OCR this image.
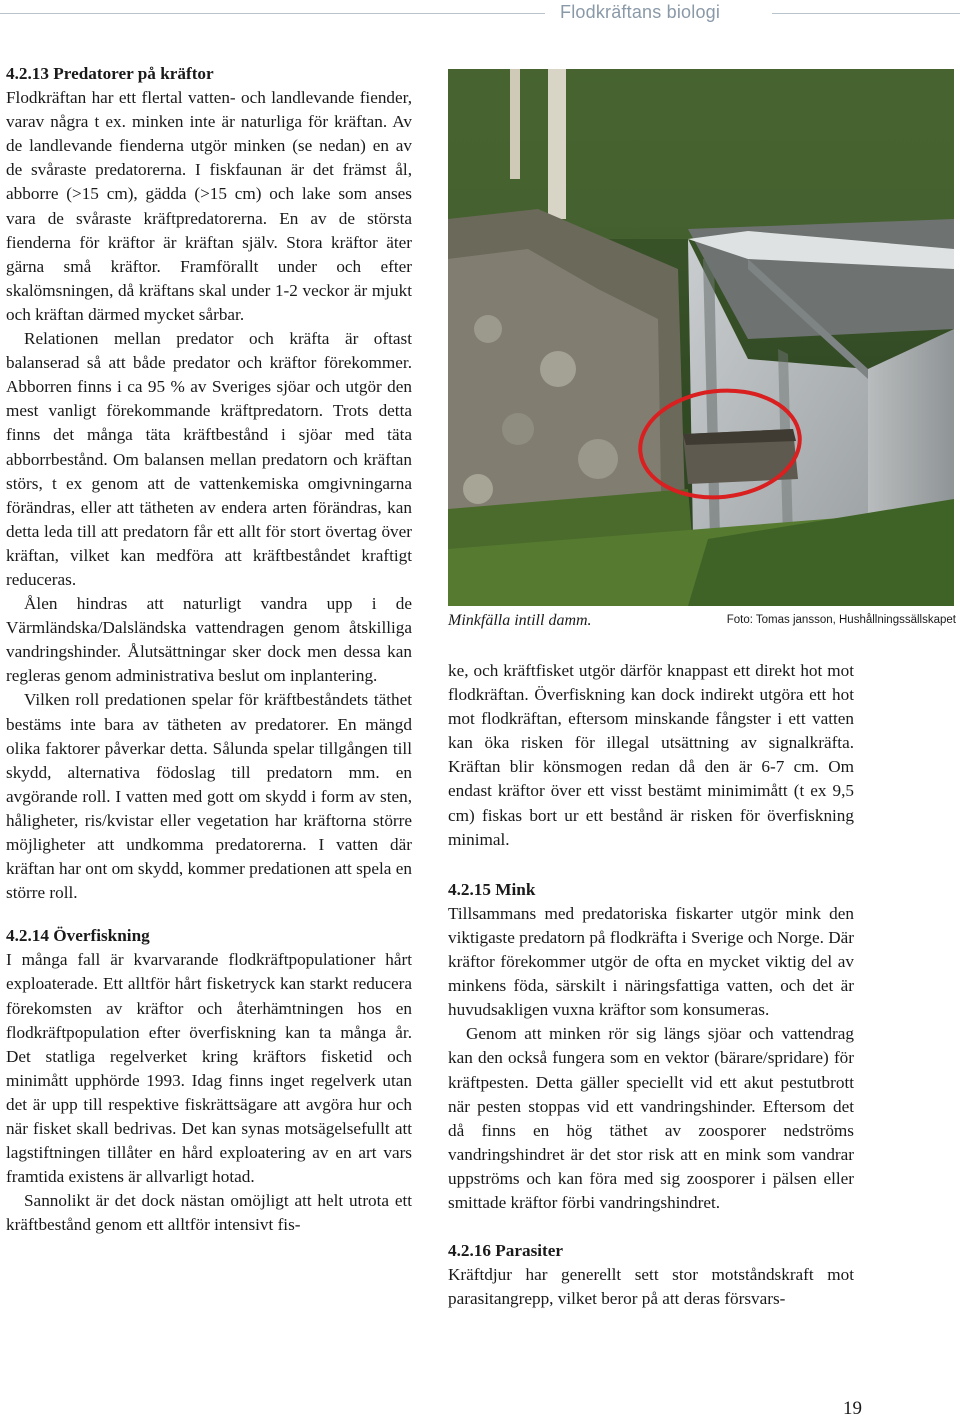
Flodkräftans biologi

4.2.13 Predatorer på kräftor

Flodkräftan har ett flertal vatten- och landlevande fiender, varav några t ex. minken inte är naturliga för kräftan. Av de landlevande fienderna utgör minken (se nedan) en av de svåraste predatorerna. I fiskfaunan är det främst ål, abborre (>15 cm), gädda (>15 cm) och lake som anses vara de svåraste kräftpredatorerna. En av de största fienderna för kräftor är kräftan själv. Stora kräftor äter gärna små kräftor. Framförallt under och efter skalömsningen, då kräftans skal under 1-2 veckor är mjukt och kräftan därmed mycket sårbar.

Relationen mellan predator och kräfta är oftast balanserad så att både predator och kräftor förekommer. Abborren finns i ca 95 % av Sveriges sjöar och utgör den mest vanligt förekommande kräftpredatorn. Trots detta finns det många täta kräftbestånd i sjöar med täta abborrbestånd. Om balansen mellan predatorn och kräftan störs, t ex genom att de vattenkemiska omgivningarna förändras, eller att tätheten av endera arten förändras, kan detta leda till att predatorn får ett allt för stort övertag över kräftan, vilket kan medföra att kräftbeståndet kraftigt reduceras.

Ålen hindras att naturligt vandra upp i de Värmländska/Dalsländska vattendragen genom åtskilliga vandringshinder. Ålutsättningar sker dock men dessa kan regleras genom administrativa beslut om inplantering.

Vilken roll predationen spelar för kräftbeståndets täthet bestäms inte bara av tätheten av predatorer. En mängd olika faktorer påverkar detta. Sålunda spelar tillgången till skydd, alternativa födoslag till predatorn mm. en avgörande roll. I vatten med gott om skydd i form av sten, håligheter, ris/kvistar eller vegetation har kräftorna större möjligheter att undkomma predatorerna. I vatten där kräftan har ont om skydd, kommer predationen att spela en större roll.

4.2.14 Överfiskning

I många fall är kvarvarande flodkräftpopulationer hårt exploaterade. Ett alltför hårt fisketryck kan starkt reducera förekomsten av kräftor och återhämtningen hos en flodkräftpopulation efter överfiskning kan ta många år. Det statliga regelverket kring kräftors fisketid och minimått upphörde 1993. Idag finns inget regelverk utan det är upp till respektive fiskrättsägare att avgöra hur och när fisket skall bedrivas. Det kan synas motsägelsefullt att lagstiftningen tillåter en hård exploatering av en art vars framtida existens är allvarligt hotad.

Sannolikt är det dock nästan omöjligt att helt utrota ett kräftbestånd genom ett alltför intensivt fis-

Minkfälla intill damm.	Foto: Tomas jansson, Hushållningssällskapet

ke, och kräftfisket utgör därför knappast ett direkt hot mot flodkräftan. Överfiskning kan dock indirekt utgöra ett hot mot flodkräftan, eftersom minskande fångster i ett vatten kan öka risken för illegal utsättning av signalkräfta. Kräftan blir könsmogen redan då den är 6-7 cm. Om endast kräftor över ett visst bestämt minimimått (t ex 9,5 cm) fiskas bort ur ett bestånd är risken för överfiskning minimal.

4.2.15 Mink

Tillsammans med predatoriska fiskarter utgör mink den viktigaste predatorn på flodkräfta i Sverige och Norge. Där kräftor förekommer utgör de ofta en mycket viktig del av minkens föda, särskilt i näringsfattiga vatten, och det är huvudsakligen vuxna kräftor som konsumeras.

Genom att minken rör sig längs sjöar och vattendrag kan den också fungera som en vektor (bärare/spridare) för kräftpesten. Detta gäller speciellt vid ett akut pestutbrott när pesten stoppas vid ett vandringshinder. Eftersom det då finns en hög täthet av zoosporer nedströms vandringshindret är det stor risk att en mink som vandrar uppströms och kan föra med sig zoosporer i pälsen eller smittade kräftor förbi vandringshindret.

4.2.16 Parasiter

Kräftdjur har generellt sett stor motståndskraft mot parasitangrepp, vilket beror på att deras försvars-

19
